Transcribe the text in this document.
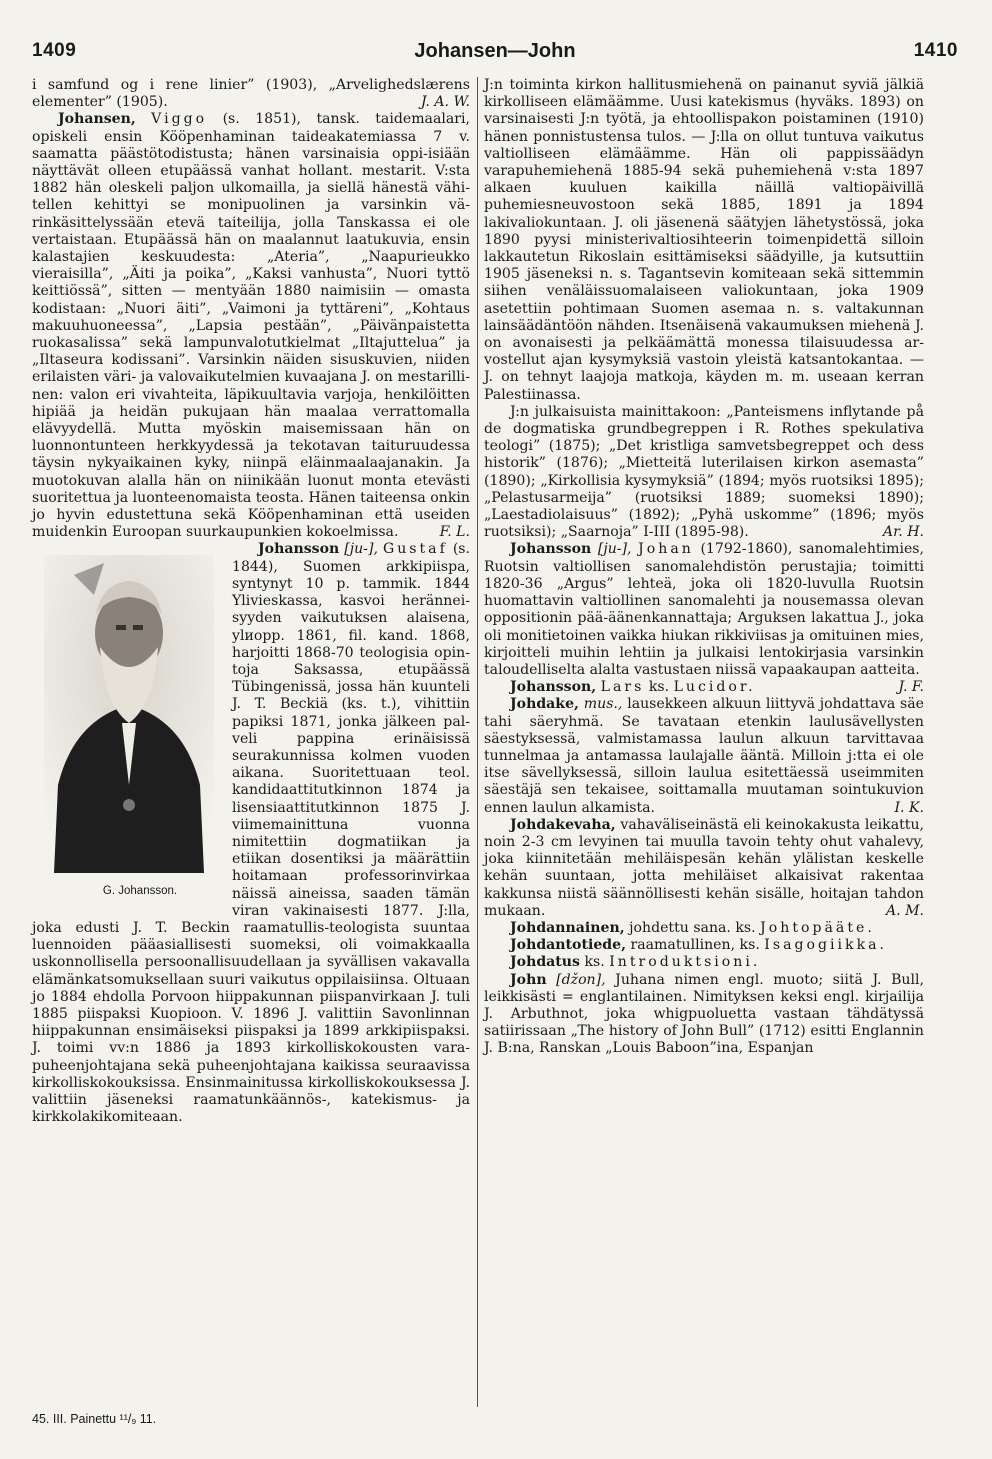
1409	Johansen—John	1410

i samfund og i rene linier” (1903), „Arvelighedslærens elementer” (1905).	J. A. W.

Johansen, Viggo (s. 1851), tansk. taidemaalari, opiskeli ensin Kööpenhaminan taideakatemiassa 7 v. saamatta päästötodistusta; hänen varsinaisia oppi-isiään näyttävät olleen etupäässä vanhat hollant. mestarit. V:sta 1882 hän oleskeli paljon ulkomailla, ja siellä hänestä vähitellen kehittyi se monipuolinen ja varsinkin värinkäsittelyssään etevä taiteilija, jolla Tanskassa ei ole vertaistaan. Etupäässä hän on maalannut laatukuvia, ensin kalastajien keskuudesta: „Ateria”, „Naapurieukko vieraisilla”, „Äiti ja poika”, „Kaksi vanhusta”, Nuori tyttö keittiössä”, sitten — mentyään 1880 naimisiin — omasta kodistaan: „Nuori äiti”, „Vaimoni ja tyttäreni”, „Kohtaus makuuhuoneessa”, „Lapsia pestään”, „Päivänpaistetta ruokasalissa” sekä lampunvalotutkielmat „Iltajuttelua” ja „Iltaseura kodissani”. Varsinkin näiden sisuskuvien, niiden erilaisten väri- ja valovaikutelmien kuvaajana J. on mestarillinen: valon eri vivahteita, läpikuultavia varjoja, henkilöitten hipiää ja heidän pukujaan hän maalaa verrattomalla elävyydellä. Mutta myöskin maisemissaan hän on luonnontunteen herkkyydessä ja tekotavan taituruudessa täysin nykyaikainen kyky, niinpä eläinmaalaajanakin. Ja muotokuvan alalla hän on niinikään luonut monta etevästi suoritettua ja luonteenomaista teosta. Hänen taiteensa onkin jo hyvin edustettuna sekä Kööpenhaminan että useiden muidenkin Euroopan suurkaupunkien kokoelmissa.	F. L.

Johansson [ju-], Gustaf
G. Johansson.
(s. 1844), Suomen arkkipiispa, syntynyt 10 p. tammik. 1844 Ylivieskassa, kasvoi heränneisyyden vaikutuksen alaisena, ylиopp. 1861, fil. kand. 1868, harjoitti 1868-70 teologisia opintoja Saksassa, etupäässä Tübingenissä, jossa hän kuunteli J. T. Beckiä (ks. t.), vihittiin papiksi 1871, jonka jälkeen palveli pappina erinäisissä seurakunnissa kolmen vuoden aikana. Suoritettuaan teol. kandidaattitutkinnon 1874 ja lisensiaattitutkinnon 1875 J. viimemainittuna vuonna nimitettiin dogmatiikan ja etiikan dosentiksi ja määrättiin hoitamaan professorinvirkaa näissä aineissa, saaden tämän viran vakinaisesti 1877. J:lla, joka edusti J. T. Beckin raamatullis-teologista suuntaa luennoiden pääasiallisesti suomeksi, oli voimakkaalla uskonnollisella persoonallisuudellaan ja syvällisen vakavalla elämänkatsomuksellaan suuri vaikutus oppilaisiinsa. Oltuaan jo 1884 ehdolla Porvoon hiippakunnan piispanvirkaan J. tuli 1885 piispaksi Kuopioon. V. 1896 J. valittiin Savonlinnan hiippakunnan ensimäiseksi piispaksi ja 1899 arkkipiispaksi. J. toimi vv:n 1886 ja 1893 kirkolliskokousten varapuheenjohtajana sekä puheenjohtajana kaikissa seuraavissa kirkolliskokouksissa. Ensinmainitussa kirkolliskokouksessa J. valittiin jäseneksi raamatunkäännös-, katekismus- ja kirkkolakikomiteaan.

J:n toiminta kirkon hallitusmiehenä on painanut syviä jälkiä kirkolliseen elämäämme. Uusi katekismus (hyväks. 1893) on varsinaisesti J:n työtä, ja ehtoollispakon poistaminen (1910) hänen ponnistustensa tulos. — J:lla on ollut tuntuva vaikutus valtiolliseen elämäämme. Hän oli pappissäädyn varapuhemiehenä 1885-94 sekä puhemiehenä v:sta 1897 alkaen kuuluen kaikilla näillä valtiopäivillä puhemiesneuvostoon sekä 1885, 1891 ja 1894 lakivaliokuntaan. J. oli jäsenenä säätyjen lähetystössä, joka 1890 pyysi ministerivaltiosihteerin toimenpidettä silloin lakkautetun Rikoslain esittämiseksi säädyille, ja kutsuttiin 1905 jäseneksi n. s. Tagantsevin komiteaan sekä sittemmin siihen venäläissuomalaiseen valiokuntaan, joka 1909 asetettiin pohtimaan Suomen asemaa n. s. valtakunnan lainsäädäntöön nähden. Itsenäisenä vakaumuksen miehenä J. on avonaisesti ja pelkäämättä monessa tilaisuudessa arvostellut ajan kysymyksiä vastoin yleistä katsantokantaa. — J. on tehnyt laajoja matkoja, käyden m. m. useaan kerran Palestiinassa.

J:n julkaisuista mainittakoon: „Panteismens inflytande på de dogmatiska grundbegreppen i R. Rothes spekulativa teologi” (1875); „Det kristliga samvetsbegreppet och dess historik” (1876); „Mietteitä luterilaisen kirkon asemasta” (1890); „Kirkollisia kysymyksiä” (1894; myös ruotsiksi 1895); „Pelastusarmeija” (ruotsiksi 1889; suomeksi 1890); „Laestadiolaisuus” (1892); „Pyhä uskomme” (1896; myös ruotsiksi); „Saarnoja” I-III (1895-98).	Ar. H.

Johansson [ju-], Johan (1792-1860), sanomalehtimies, Ruotsin valtiollisen sanomalehdistön perustajia; toimitti 1820-36 „Argus” lehteä, joka oli 1820-luvulla Ruotsin huomattavin valtiollinen sanomalehti ja nousemassa olevan oppositionin pää-äänenkannattaja; Arguksen lakattua J., joka oli monitietoinen vaikka hiukan rikkiviisas ja omituinen mies, kirjoitteli muihin lehtiin ja julkaisi lentokirjasia varsinkin taloudelliselta alalta vastustaen niissä vapaakaupan aatteita.
J. F.

Johansson, Lars ks. Lucidor.

Johdake, mus., lausekkeen alkuun liittyvä johdattava säe tahi säeryhmä. Se tavataan etenkin laulusävellysten säestyksessä, valmistamassa laulun alkuun tarvittavaa tunnelmaa ja antamassa laulajalle ääntä. Milloin j:tta ei ole itse sävellyksessä, silloin laulua esitettäessä useimmiten säestäjä sen tekaisee, soittamalla muutaman sointukuvion ennen laulun alkamista.	I. K.

Johdakevaha, vahaväliseinästä eli keinokakusta leikattu, noin 2-3 cm levyinen tai muulla tavoin tehty ohut vahalevy, joka kiinnitetään mehiläispesän kehän ylälistan keskelle kehän suuntaan, jotta mehiläiset alkaisivat rakentaa kakkunsa niistä säännöllisesti kehän sisälle, hoitajan tahdon mukaan.	A. M.

Johdannainen, johdettu sana. ks. Johtopääte.

Johdantotiede, raamatullinen, ks. Isagogiikka.

Johdatus ks. Introduktsioni.

John [džon], Juhana nimen engl. muoto; siitä J. Bull, leikkisästi = englantilainen. Nimityksen keksi engl. kirjailija J. Arbuthnot, joka whigpuoluetta vastaan tähdätyssä satiirissaan „The history of John Bull” (1712) esitti Englannin J. B:na, Ranskan „Louis Baboon”ina, Espanjan

45. III. Painettu ¹¹/₉ 11.
